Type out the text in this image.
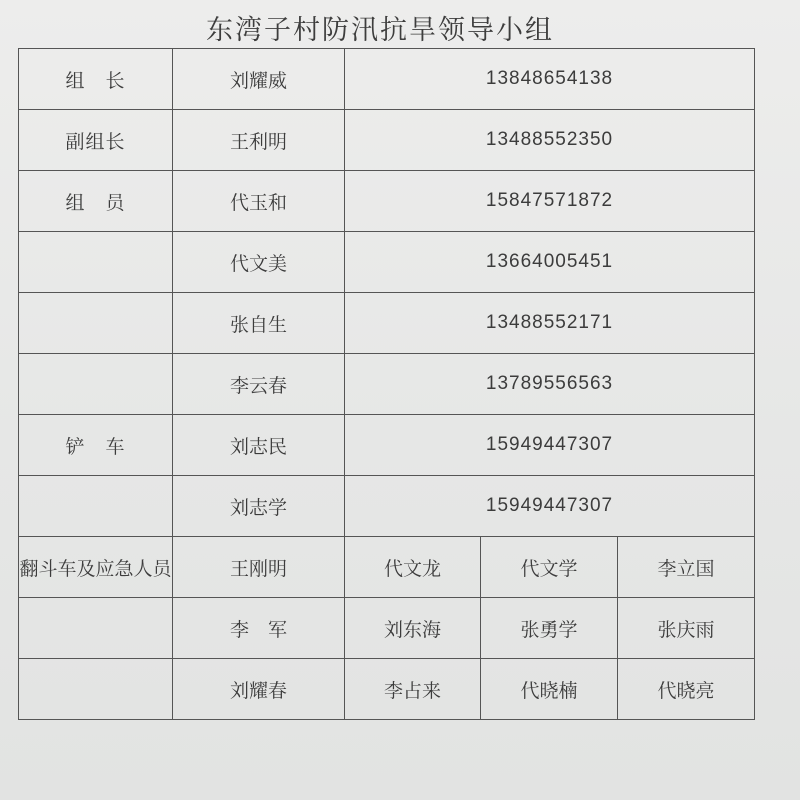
东湾子村防汛抗旱领导小组
组　长	刘耀威	13848654138		
副组长	王利明	13488552350		
组　员	代玉和	15847571872		
	代文美	13664005451		
	张自生	13488552171		
	李云春	13789556563		
铲　车	刘志民	15949447307		
	刘志学	15949447307		
翻斗车及应急人员	王刚明	代文龙	代文学	李立国
	李　军	刘东海	张勇学	张庆雨
	刘耀春	李占来	代晓楠	代晓亮
